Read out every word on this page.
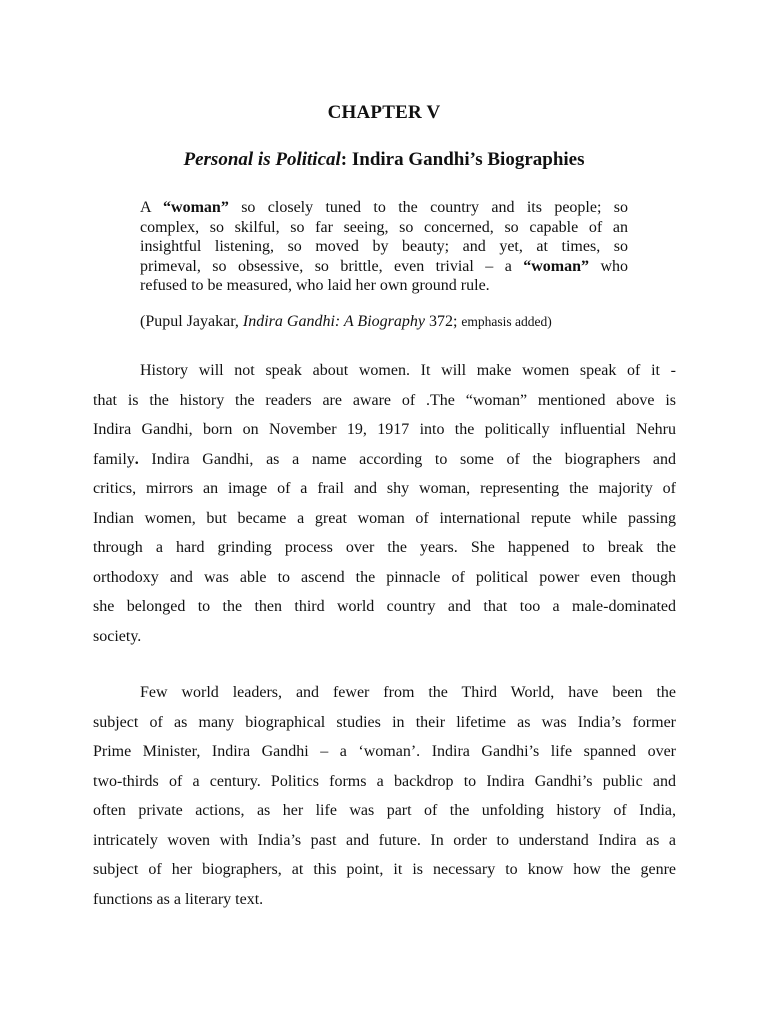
CHAPTER V
Personal is Political: Indira Gandhi’s Biographies
A “woman” so closely tuned to the country and its people; so
complex, so skilful, so far seeing, so concerned, so capable of an
insightful listening, so moved by beauty; and yet, at times, so
primeval, so obsessive, so brittle, even trivial – a “woman” who
refused to be measured, who laid her own ground rule.
(Pupul Jayakar, Indira Gandhi: A Biography 372; emphasis added)
History will not speak about women. It will make women speak of it -
that is the history the readers are aware of .The “woman” mentioned above is
Indira Gandhi, born on November 19, 1917 into the politically influential Nehru
family. Indira Gandhi, as a name according to some of the biographers and
critics, mirrors an image of a frail and shy woman, representing the majority of
Indian women, but became a great woman of international repute while passing
through a hard grinding process over the years. She happened to break the
orthodoxy and was able to ascend the pinnacle of political power even though
she belonged to the then third world country and that too a male-dominated
society.
Few world leaders, and fewer from the Third World, have been the
subject of as many biographical studies in their lifetime as was India’s former
Prime Minister, Indira Gandhi – a ‘woman’. Indira Gandhi’s life spanned over
two-thirds of a century. Politics forms a backdrop to Indira Gandhi’s public and
often private actions, as her life was part of the unfolding history of India,
intricately woven with India’s past and future. In order to understand Indira as a
subject of her biographers, at this point, it is necessary to know how the genre
functions as a literary text.
